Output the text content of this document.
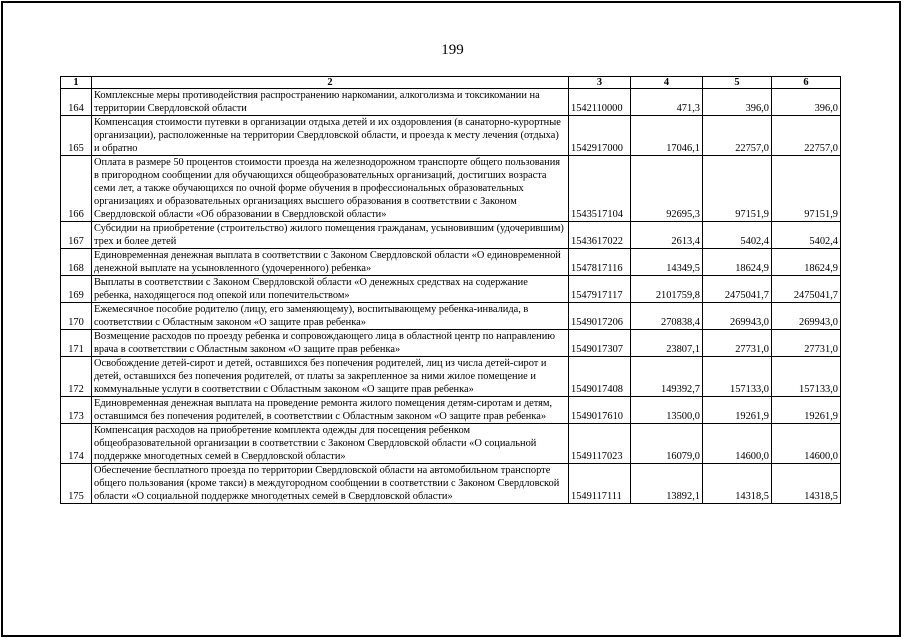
199
1	2	3	4	5	6
164	Комплексные меры противодействия распространению наркомании, алкоголизма и токсикомании на территории Свердловской области	1542110000	471,3	396,0	396,0
165	Компенсация стоимости путевки в организации отдыха детей и их оздоровления (в санаторно-курортные организации), расположенные на территории Свердловской области, и проезда к месту лечения (отдыха) и обратно	1542917000	17046,1	22757,0	22757,0
166	Оплата в размере 50 процентов стоимости проезда на железнодорожном транспорте общего пользования в пригородном сообщении для обучающихся общеобразовательных организаций, достигших возраста семи лет, а также обучающихся по очной форме обучения в профессиональных образовательных организациях и образовательных организациях высшего образования в соответствии с Законом Свердловской области «Об образовании в Свердловской области»	1543517104	92695,3	97151,9	97151,9
167	Субсидии на приобретение (строительство) жилого помещения гражданам, усыновившим (удочерившим) трех и более детей	1543617022	2613,4	5402,4	5402,4
168	Единовременная денежная выплата в соответствии с Законом Свердловской области «О единовременной денежной выплате на усыновленного (удочеренного) ребенка»	1547817116	14349,5	18624,9	18624,9
169	Выплаты в соответствии с Законом Свердловской области «О денежных средствах на содержание ребенка, находящегося под опекой или попечительством»	1547917117	2101759,8	2475041,7	2475041,7
170	Ежемесячное пособие родителю (лицу, его заменяющему), воспитывающему ребенка-инвалида, в соответствии с Областным законом «О защите прав ребенка»	1549017206	270838,4	269943,0	269943,0
171	Возмещение расходов по проезду ребенка и сопровождающего лица в областной центр по направлению врача в соответствии с Областным законом «О защите прав ребенка»	1549017307	23807,1	27731,0	27731,0
172	Освобождение детей-сирот и детей, оставшихся без попечения родителей, лиц из числа детей-сирот и детей, оставшихся без попечения родителей, от платы за закрепленное за ними жилое помещение и коммунальные услуги в соответствии с Областным законом «О защите прав ребенка»	1549017408	149392,7	157133,0	157133,0
173	Единовременная денежная выплата на проведение ремонта жилого помещения детям-сиротам и детям, оставшимся без попечения родителей, в соответствии с Областным законом «О защите прав ребенка»	1549017610	13500,0	19261,9	19261,9
174	Компенсация расходов на приобретение комплекта одежды для посещения ребенком общеобразовательной организации в соответствии с Законом Свердловской области «О социальной поддержке многодетных семей в Свердловской области»	1549117023	16079,0	14600,0	14600,0
175	Обеспечение бесплатного проезда по территории Свердловской области на автомобильном транспорте общего пользования (кроме такси) в междугородном сообщении в соответствии с Законом Свердловской области «О социальной поддержке многодетных семей в Свердловской области»	1549117111	13892,1	14318,5	14318,5
